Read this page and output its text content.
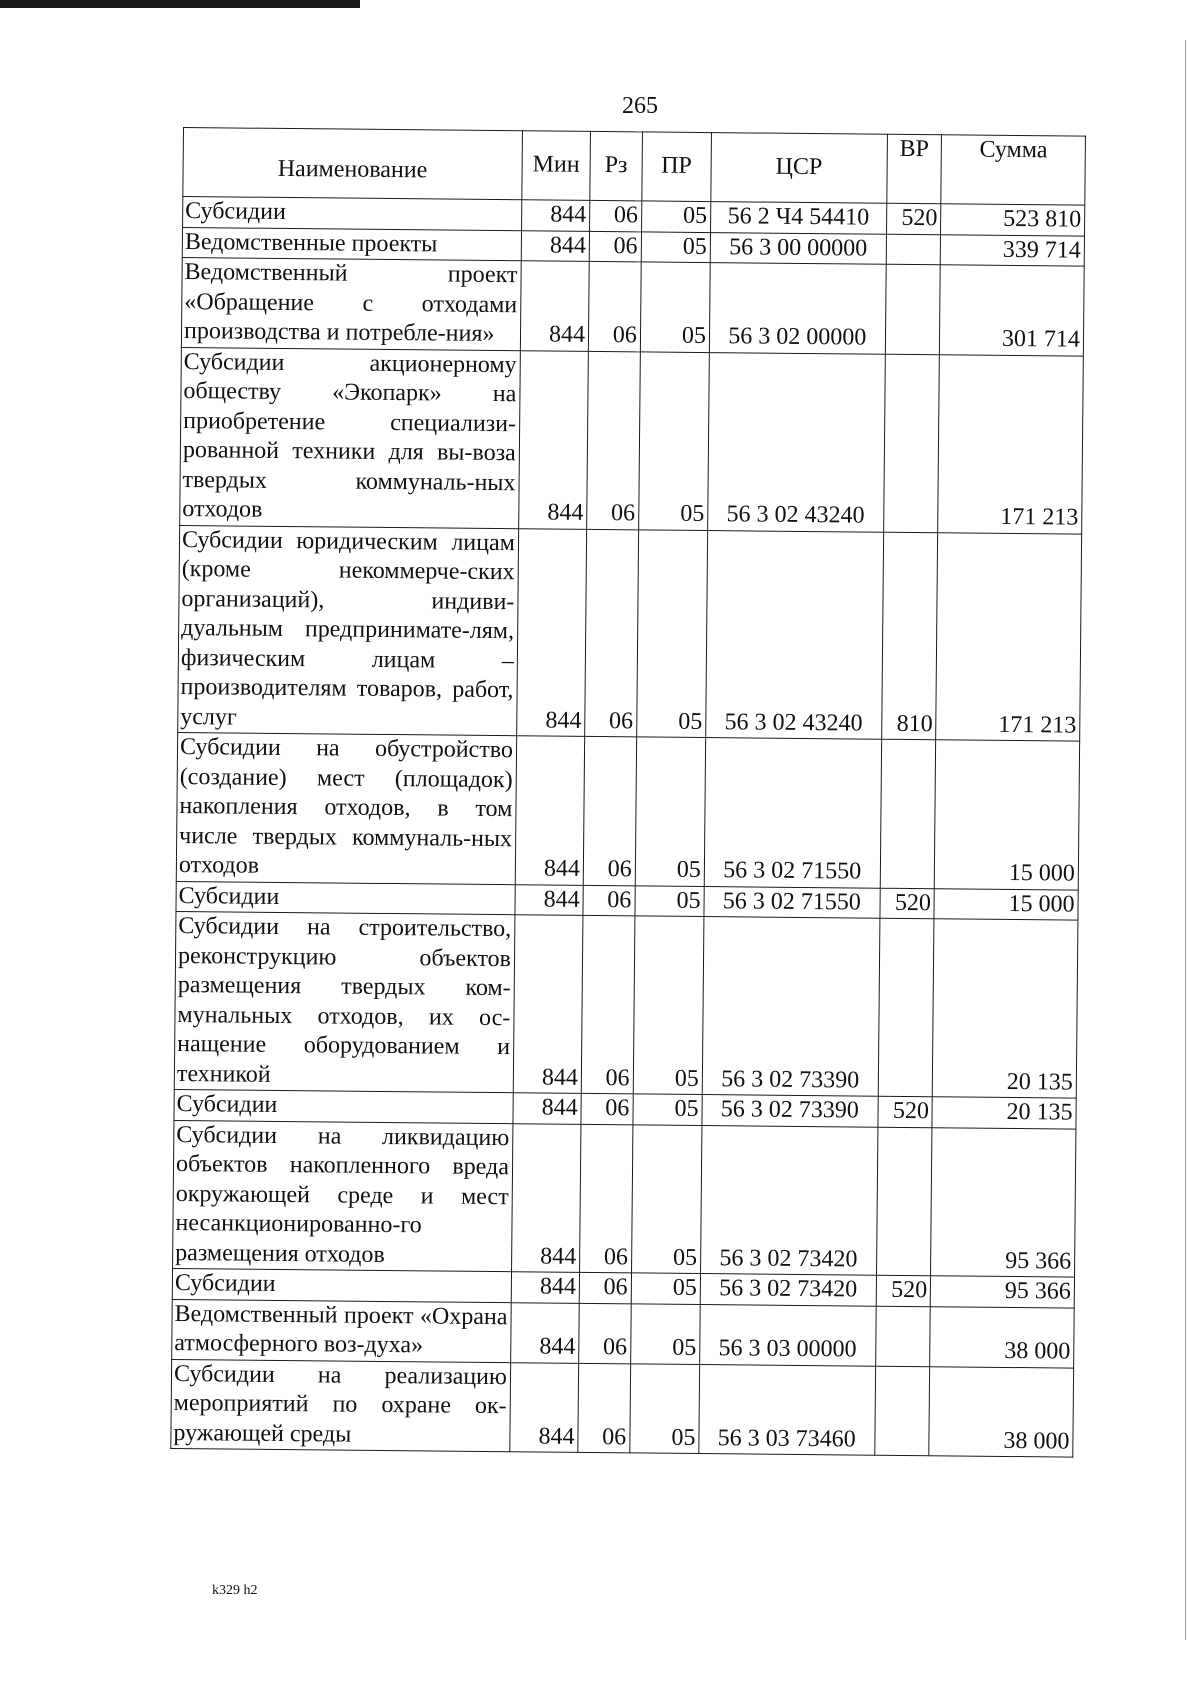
265
Наименование	Мин	Рз	ПР	ЦСР	ВР	Сумма
Субсидии	844	06	05	56 2 Ч4 54410	520	523 810
Ведомственные проекты	844	06	05	56 3 00 00000		339 714
Ведомственный проект «Обращение с отходами производства и потребле-ния»	844	06	05	56 3 02 00000		301 714
Субсидии акционерному обществу «Экопарк» на приобретение специализи-рованной техники для вы-воза твердых коммуналь-ных отходов	844	06	05	56 3 02 43240		171 213
Субсидии юридическим лицам (кроме некоммерче-ских организаций), индиви-дуальным предпринимате-лям, физическим лицам – производителям товаров, работ, услуг	844	06	05	56 3 02 43240	810	171 213
Субсидии на обустройство (создание) мест (площадок) накопления отходов, в том числе твердых коммуналь-ных отходов	844	06	05	56 3 02 71550		15 000
Субсидии	844	06	05	56 3 02 71550	520	15 000
Субсидии на строительство, реконструкцию объектов размещения твердых ком-мунальных отходов, их ос-нащение оборудованием и техникой	844	06	05	56 3 02 73390		20 135
Субсидии	844	06	05	56 3 02 73390	520	20 135
Субсидии на ликвидацию объектов накопленного вреда окружающей среде и мест несанкционированно-го размещения отходов	844	06	05	56 3 02 73420		95 366
Субсидии	844	06	05	56 3 02 73420	520	95 366
Ведомственный проект «Охрана атмосферного воз-духа»	844	06	05	56 3 03 00000		38 000
Субсидии на реализацию мероприятий по охране ок-ружающей среды	844	06	05	56 3 03 73460		38 000
k329 h2
